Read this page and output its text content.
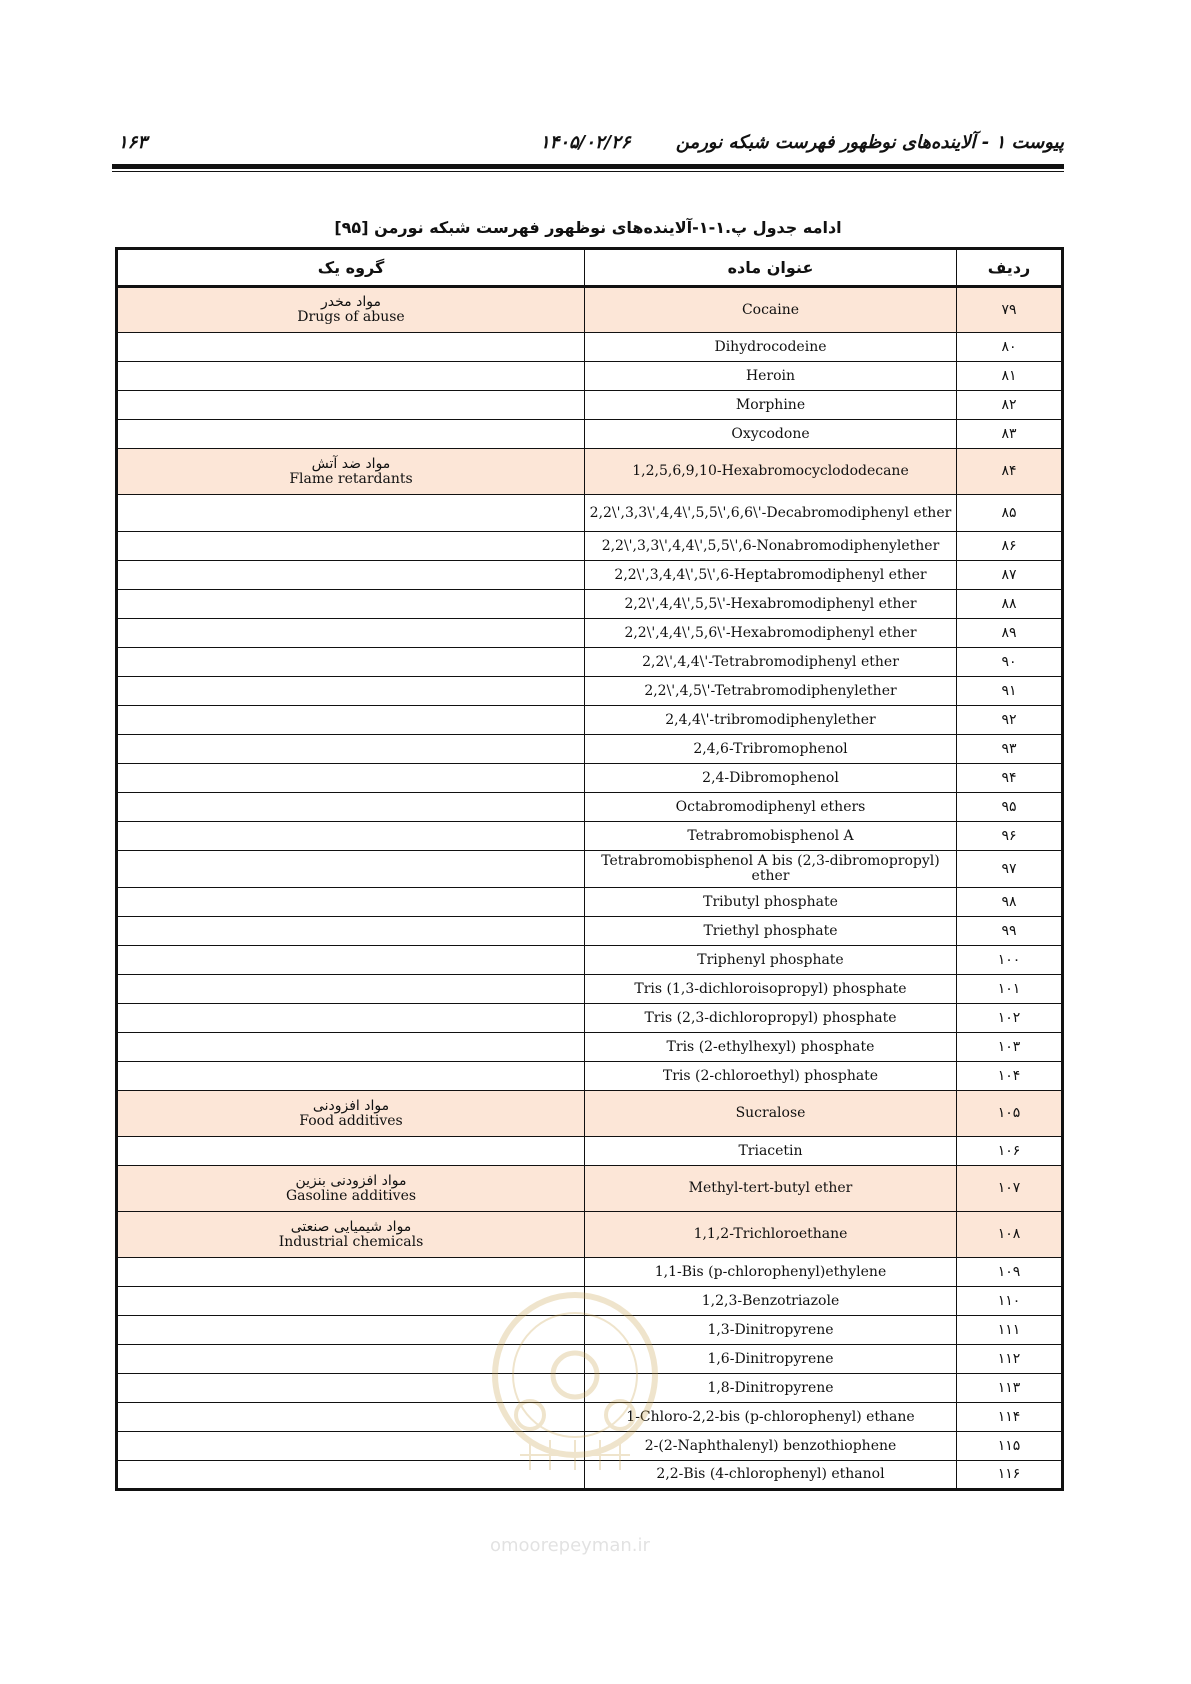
پیوست ۱ - آلاینده‌های نوظهور فهرست شبکه نورمن
۱۴۰۵/۰۲/۲۶
۱۶۳
ادامه جدول پ.۱-۱-آلاینده‌های نوظهور فهرست شبکه نورمن [۹۵]
ردیف	عنوان ماده	گروه یک
۷۹	Cocaine	مواد مخدر
Drugs of abuse

۸۰	Dihydrocodeine	
۸۱	Heroin	
۸۲	Morphine	
۸۳	Oxycodone	
۸۴	1,2,5,6,9,10-Hexabromocyclododecane	مواد ضد آتش
Flame retardants

۸۵	2,2\',3,3\',4,4\',5,5\',6,6\'-Decabromodiphenyl ether	
۸۶	2,2\',3,3\',4,4\',5,5\',6-Nonabromodiphenylether	
۸۷	2,2\',3,4,4\',5\',6-Heptabromodiphenyl ether	
۸۸	2,2\',4,4\',5,5\'-Hexabromodiphenyl ether	
۸۹	2,2\',4,4\',5,6\'-Hexabromodiphenyl ether	
۹۰	2,2\',4,4\'-Tetrabromodiphenyl ether	
۹۱	2,2\',4,5\'-Tetrabromodiphenylether	
۹۲	2,4,4\'-tribromodiphenylether	
۹۳	2,4,6-Tribromophenol	
۹۴	2,4-Dibromophenol	
۹۵	Octabromodiphenyl ethers	
۹۶	Tetrabromobisphenol A	
۹۷	Tetrabromobisphenol A bis (2,3-dibromopropyl) ether	
۹۸	Tributyl phosphate	
۹۹	Triethyl phosphate	
۱۰۰	Triphenyl phosphate	
۱۰۱	Tris (1,3-dichloroisopropyl) phosphate	
۱۰۲	Tris (2,3-dichloropropyl) phosphate	
۱۰۳	Tris (2-ethylhexyl) phosphate	
۱۰۴	Tris (2-chloroethyl) phosphate	
۱۰۵	Sucralose	مواد افزودنی
Food additives

۱۰۶	Triacetin	
۱۰۷	Methyl-tert-butyl ether	مواد افزودنی بنزین
Gasoline additives

۱۰۸	1,1,2-Trichloroethane	مواد شیمیایی صنعتی
Industrial chemicals

۱۰۹	1,1-Bis (p-chlorophenyl)ethylene	
۱۱۰	1,2,3-Benzotriazole	
۱۱۱	1,3-Dinitropyrene	
۱۱۲	1,6-Dinitropyrene	
۱۱۳	1,8-Dinitropyrene	
۱۱۴	1-Chloro-2,2-bis (p-chlorophenyl) ethane	
۱۱۵	2-(2-Naphthalenyl) benzothiophene	
۱۱۶	2,2-Bis (4-chlorophenyl) ethanol	
omoorepeyman.ir
